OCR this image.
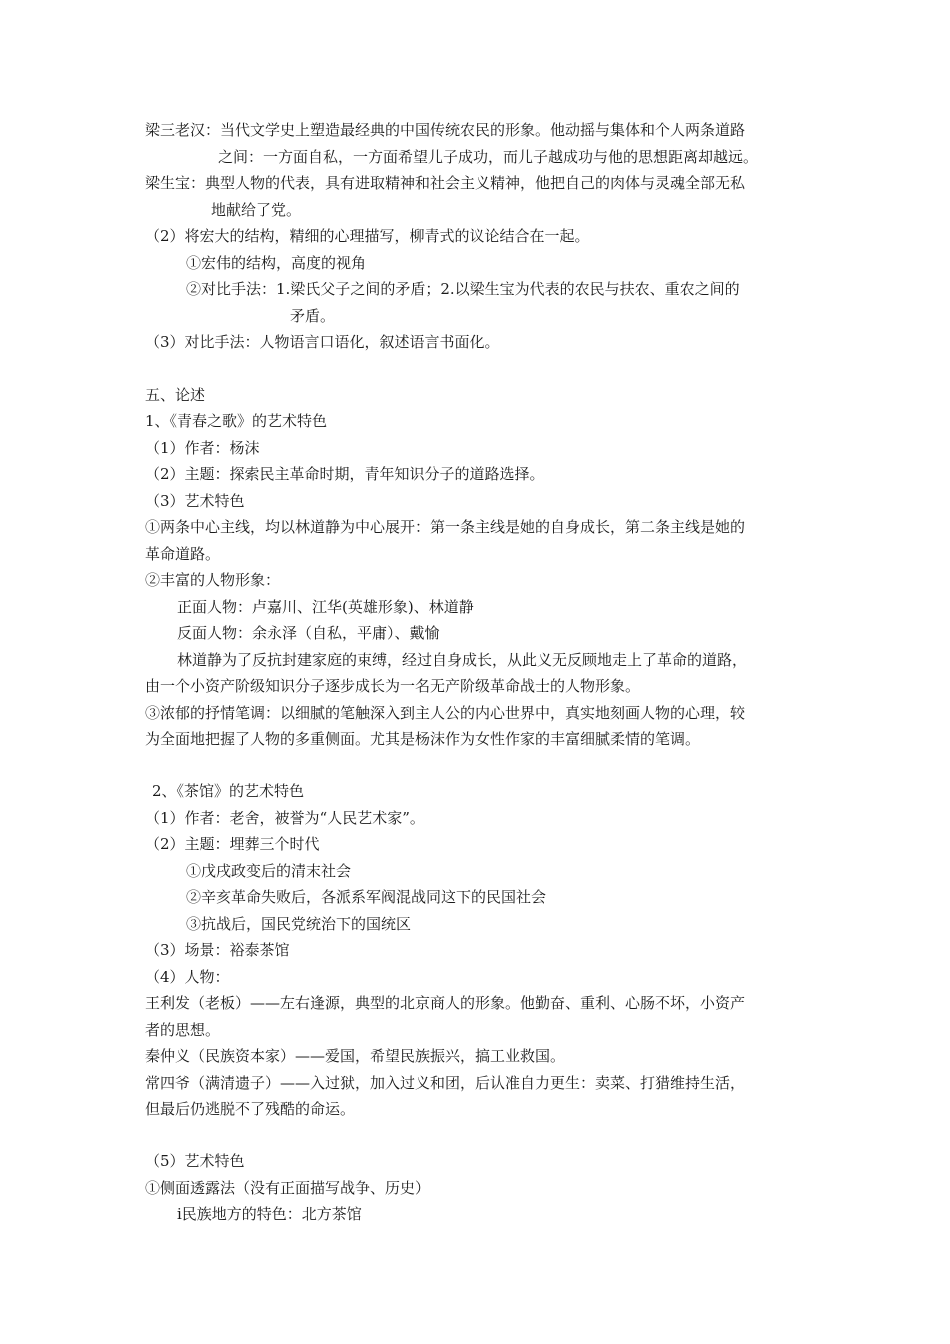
梁三老汉：当代文学史上塑造最经典的中国传统农民的形象。他动摇与集体和个人两条道路
之间：一方面自私，一方面希望儿子成功，而儿子越成功与他的思想距离却越远。
梁生宝：典型人物的代表，具有进取精神和社会主义精神，他把自己的肉体与灵魂全部无私
地献给了党。
（2）将宏大的结构，精细的心理描写，柳青式的议论结合在一起。
①宏伟的结构，高度的视角
②对比手法：1.梁氏父子之间的矛盾；2.以梁生宝为代表的农民与扶农、重农之间的
矛盾。
（3）对比手法：人物语言口语化，叙述语言书面化。
五、论述
1、《青春之歌》的艺术特色
（1）作者：杨沫
（2）主题：探索民主革命时期，青年知识分子的道路选择。
（3）艺术特色
①两条中心主线，均以林道静为中心展开：第一条主线是她的自身成长，第二条主线是她的
革命道路。
②丰富的人物形象：
正面人物：卢嘉川、江华(英雄形象)、林道静
反面人物：余永泽（自私，平庸）、戴愉
林道静为了反抗封建家庭的束缚，经过自身成长，从此义无反顾地走上了革命的道路，
由一个小资产阶级知识分子逐步成长为一名无产阶级革命战士的人物形象。
③浓郁的抒情笔调：以细腻的笔触深入到主人公的内心世界中，真实地刻画人物的心理，较
为全面地把握了人物的多重侧面。尤其是杨沫作为女性作家的丰富细腻柔情的笔调。
2、《茶馆》的艺术特色
（1）作者：老舍，被誉为“人民艺术家”。
（2）主题：埋葬三个时代
①戊戌政变后的清末社会
②辛亥革命失败后，各派系军阀混战同这下的民国社会
③抗战后，国民党统治下的国统区
（3）场景：裕泰茶馆
（4）人物：
王利发（老板）——左右逢源，典型的北京商人的形象。他勤奋、重利、心肠不坏，小资产
者的思想。
秦仲义（民族资本家）——爱国，希望民族振兴，搞工业救国。
常四爷（满清遗子）——入过狱，加入过义和团，后认准自力更生：卖菜、打猎维持生活，
但最后仍逃脱不了残酷的命运。
（5）艺术特色
①侧面透露法（没有正面描写战争、历史）
ⅰ民族地方的特色：北方茶馆
